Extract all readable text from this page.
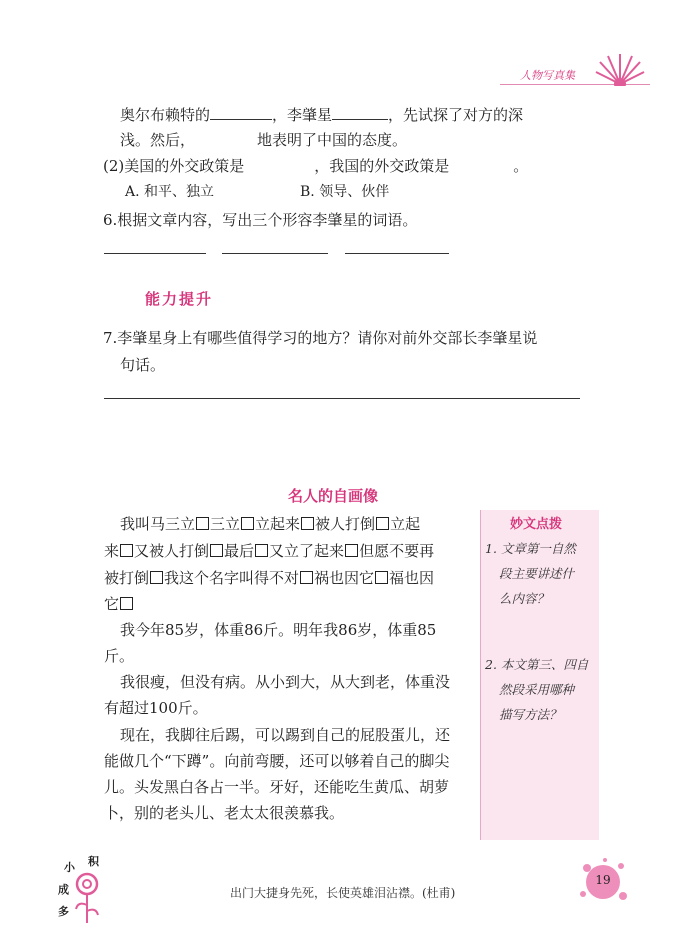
人物写真集
奥尔布赖特的	，李肇星	，先试探了对方的深
浅。然后，	地表明了中国的态度。
(2)美国的外交政策是	，我国的外交政策是	。
A. 和平、独立	B. 领导、伙伴
6.根据文章内容，写出三个形容李肇星的词语。
能力提升
7.李肇星身上有哪些值得学习的地方？请你对前外交部长李肇星说
句话。
名人的自画像
我叫马三立 三立 立起来 被人打倒 立起
来 又被人打倒 最后 又立了起来 但愿不要再
被打倒 我这个名字叫得不对 祸也因它 福也因
它
我今年85岁，体重86斤。明年我86岁，体重85
斤。
我很瘦，但没有病。从小到大，从大到老，体重没
有超过100斤。
现在，我脚往后踢，可以踢到自己的屁股蛋儿，还
能做几个“下蹲”。向前弯腰，还可以够着自己的脚尖
儿。头发黑白各占一半。牙好，还能吃生黄瓜、胡萝
卜，别的老头儿、老太太很羡慕我。
妙文点拨
1. 文章第一自然
段主要讲述什
么内容？
2. 本文第三、四自
然段采用哪种
描写方法？
小 积
成
多
出门大捷身先死，长使英雄泪沾襟。(杜甫)
19
